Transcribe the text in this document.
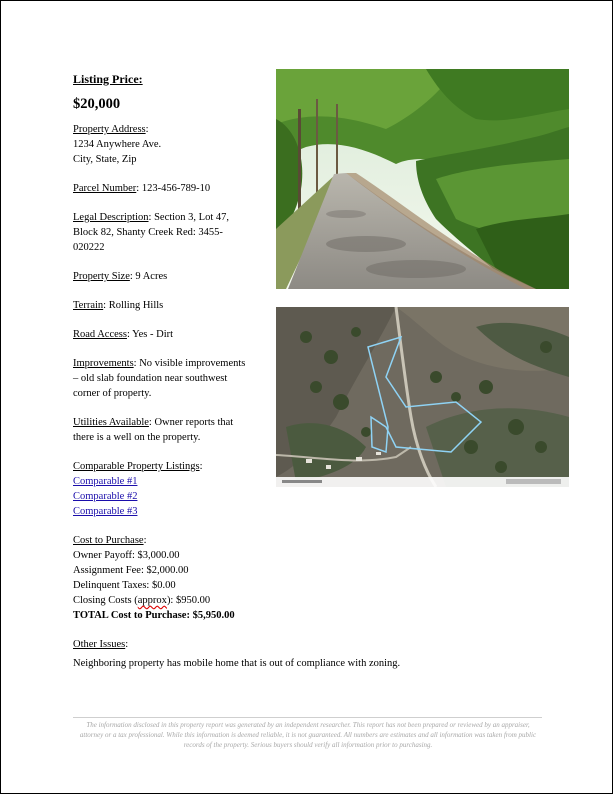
Listing Price:
$20,000
Property Address:
1234 Anywhere Ave.
City, State, Zip
Parcel Number: 123-456-789-10
Legal Description: Section 3, Lot 47,
Block 82, Shanty Creek Red: 3455-
020222
Property Size: 9 Acres
Terrain: Rolling Hills
Road Access: Yes - Dirt
Improvements: No visible improvements
– old slab foundation near southwest
corner of property.
Utilities Available: Owner reports that
there is a well on the property.
Comparable Property Listings:
Comparable #1
Comparable #2
Comparable #3
Cost to Purchase:
Owner Payoff: $3,000.00
Assignment Fee: $2,000.00
Delinquent Taxes: $0.00
Closing Costs (approx): $950.00
TOTAL Cost to Purchase: $5,950.00
Other Issues:
Neighboring property has mobile home that is out of compliance with zoning.
The information disclosed in this property report was generated by an independent researcher. This report has not been prepared or reviewed by an appraiser, attorney or a tax professional. While this information is deemed reliable, it is not guaranteed. All numbers are estimates and all information was taken from public records of the property. Serious buyers should verify all information prior to purchasing.
